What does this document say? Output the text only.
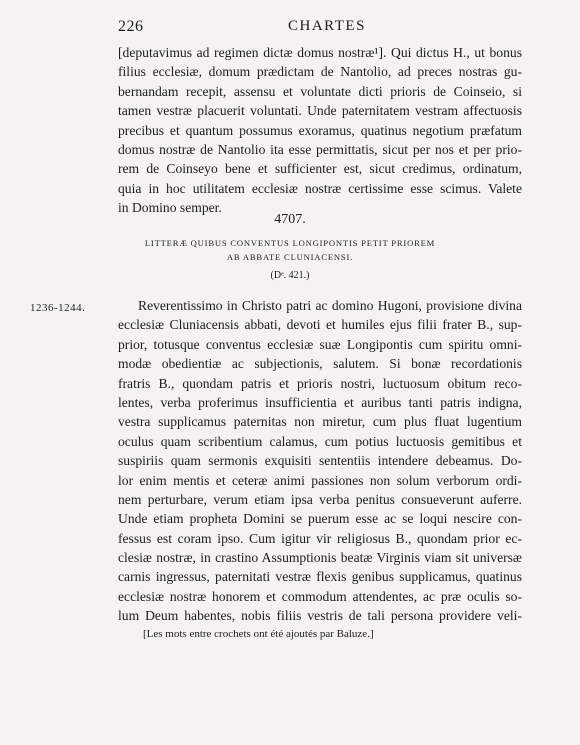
226	CHARTES
[deputavimus ad regimen dictæ domus nostræ¹]. Qui dictus H., ut bonus
filius ecclesiæ, domum prædictam de Nantolio, ad preces nostras gu-
bernandam recepit, assensu et voluntate dicti prioris de Coinseio, si
tamen vestræ placuerit voluntati. Unde paternitatem vestram affectuosis
precibus et quantum possumus exoramus, quatinus negotium præfatum
domus nostræ de Nantolio ita esse permittatis, sicut per nos et per prio-
rem de Coinseyo bene et sufficienter est, sicut credimus, ordinatum,
quia in hoc utilitatem ecclesiæ nostræ certissime esse scimus. Valete
in Domino semper.
4707.
LITTERÆ QUIBUS CONVENTUS LONGIPONTIS PETIT PRIOREM
AB ABBATE CLUNIACENSI.
(Dᵉ. 421.)
1236-1244.	Reverentissimo in Christo patri ac domino Hugoni, provisione divina
ecclesiæ Cluniacensis abbati, devoti et humiles ejus filii frater B., sup-
prior, totusque conventus ecclesiæ suæ Longipontis cum spiritu omni-
modæ obedientiæ ac subjectionis, salutem. Si bonæ recordationis
fratris B., quondam patris et prioris nostri, luctuosum obitum reco-
lentes, verba proferimus insufficientia et auribus tanti patris indigna,
vestra supplicamus paternitas non miretur, cum plus fluat lugentium
oculus quam scribentium calamus, cum potius luctuosis gemitibus et
suspiriis quam sermonis exquisiti sententiis intendere debeamus. Do-
lor enim mentis et ceteræ animi passiones non solum verborum ordi-
nem perturbare, verum etiam ipsa verba penitus consueverunt auferre.
Unde etiam propheta Domini se puerum esse ac se loqui nescire con-
fessus est coram ipso. Cum igitur vir religiosus B., quondam prior ec-
clesiæ nostræ, in crastino Assumptionis beatæ Virginis viam sit universæ
carnis ingressus, paternitati vestræ flexis genibus supplicamus, quatinus
ecclesiæ nostræ honorem et commodum attendentes, ac præ oculis so-
lum Deum habentes, nobis filiis vestris de tali persona providere veli-
[Les mots entre crochets ont été ajoutés par Baluze.]
